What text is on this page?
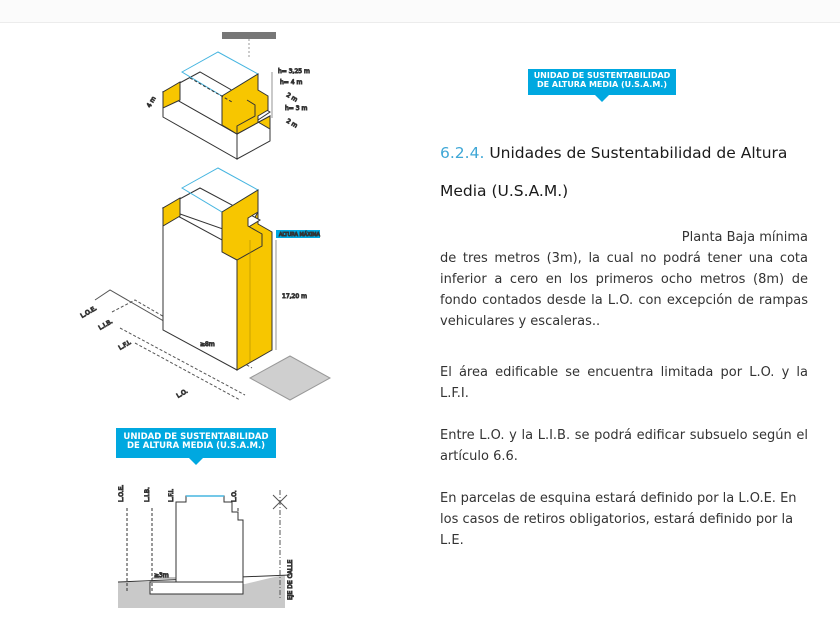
h= 3,25 m
h= 4 m
2 m
h= 3 m
2 m
4 m
ALTURA MÁXIMA
17,20 m
≥8m
L.O.E.
L.I.B.
L.F.I.
L.O.
≥3m
L.O.E.	L.I.B.	L.F.I.	L.O.
EJE DE CALLE
UNIDAD DE SUSTENTABILIDAD
DE ALTURA MEDIA (U.S.A.M.)
UNIDAD DE SUSTENTABILIDAD
DE ALTURA MEDIA (U.S.A.M.)
6.2.4. Unidades de Sustentabilidad de Altura Media (U.S.A.M.)
Planta Baja mínima
de tres metros (3m), la cual no podrá tener una cota inferior a cero en los primeros ocho metros (8m) de fondo contados desde la L.O. con excepción de rampas vehiculares y escaleras..
El área edificable se encuentra limitada por L.O. y la L.F.I.
Entre L.O. y la L.I.B. se podrá edificar subsuelo según el artículo 6.6.
En parcelas de esquina estará definido por la L.O.E. En los casos de retiros obligatorios, estará definido por la L.E.
